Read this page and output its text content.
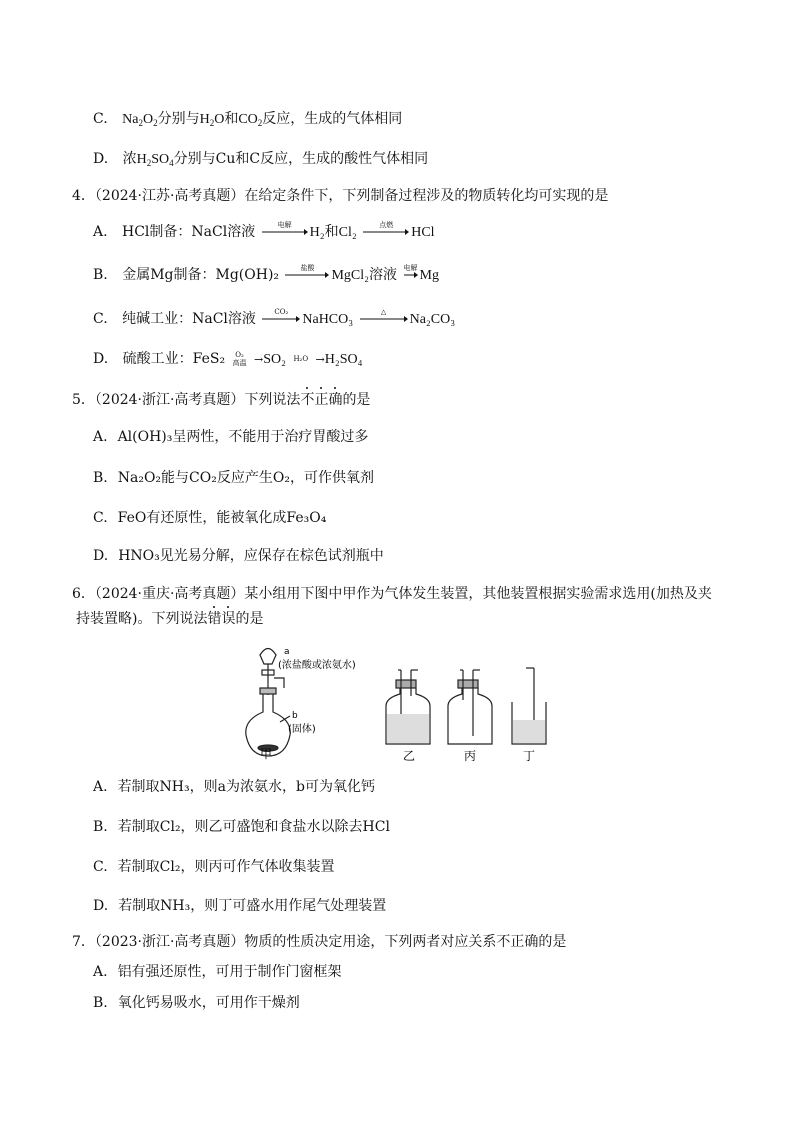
C. $Na_2O_2$分别与$H_2O$和$CO_2$反应，生成的气体相同
D. 浓$H_2SO_4$分别与Cu和C反应，生成的酸性气体相同
4．（2024·江苏·高考真题）在给定条件下，下列制备过程涉及的物质转化均可实现的是
A. HCl制备：NaCl溶液	电解	H₂和Cl₂	点燃	HCl
B. 金属Mg制备：Mg(OH)₂	盐酸	MgCl₂溶液 电解 Mg
C. 纯碱工业：NaCl溶液	CO₂	NaHCO₃	△	Na₂CO₃
D. 硫酸工业：FeS₂	O₂
高温 →SO₂ H₂O →H₂SO₄
5．（2024·浙江·高考真题）下列说法不正确的是
A. Al(OH)₃呈两性，不能用于治疗胃酸过多
B. Na₂O₂能与CO₂反应产生O₂，可作供氧剂
C. FeO有还原性，能被氧化成Fe₃O₄
D. HNO₃见光易分解，应保存在棕色试剂瓶中
6．（2024·重庆·高考真题）某小组用下图中甲作为气体发生装置，其他装置根据实验需求选用(加热及夹
持装置略)。下列说法错误的是
a
(浓盐酸或浓氨水)
b
(固体)
甲	乙	丙	丁
A. 若制取NH₃，则a为浓氨水，b可为氧化钙
B. 若制取Cl₂，则乙可盛饱和食盐水以除去HCl
C. 若制取Cl₂，则丙可作气体收集装置
D. 若制取NH₃，则丁可盛水用作尾气处理装置
7．（2023·浙江·高考真题）物质的性质决定用途，下列两者对应关系不正确的是
A. 铝有强还原性，可用于制作门窗框架
B. 氧化钙易吸水，可用作干燥剂
